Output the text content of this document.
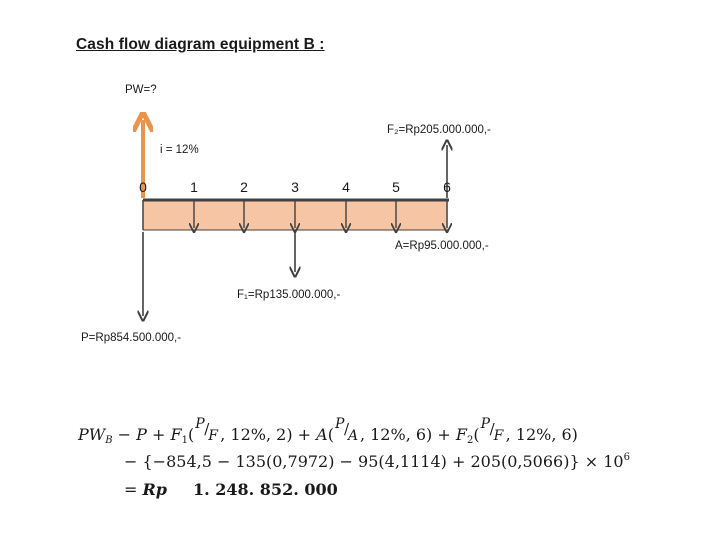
Cash flow diagram equipment B :
PW=?
i = 12%
F₂=Rp205.000.000,-
A=Rp95.000.000,-
F₁=Rp135.000.000,-
P=Rp854.500.000,-
0	1	2	3	4	5	6
$PW_B - P + F_1$(
P /
F , 12%, 2) + A(
P /
A , 12%, $6) + F_2$(
P /
F , 12%, 6)
− $\{-854,5 - 135(0,7972) - 95(4,1114) + 205(0,5066)\} \times 10^6$
= Rp 1. 248. 852. 000
